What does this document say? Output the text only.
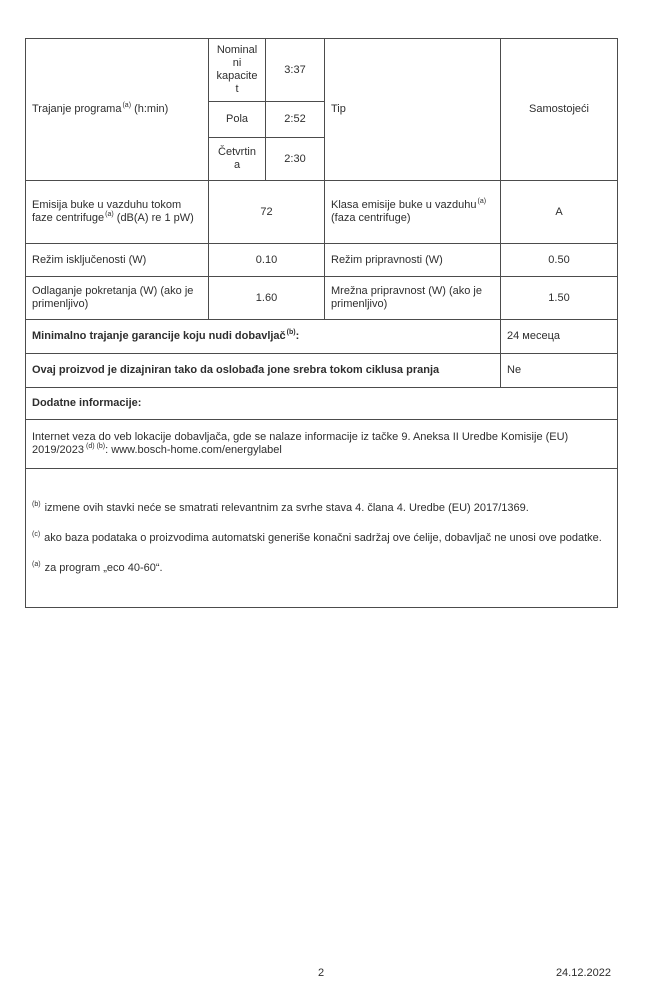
Trajanje programa$^{(a)}$ (h:min)	Nominalni kapacitet	3:37	Tip	Samostojeći
	Pola	2:52		
	Četvrtina	2:30		
Emisija buke u vazduhu tokom faze centrifuge$^{(a)}$ (dB(A) re 1 pW)	72		Klasa emisije buke u vazduhu$^{(a)}$ (faza centrifuge)	A
Režim isključenosti (W)	0.10		Režim pripravnosti (W)	0.50
Odlaganje pokretanja (W) (ako je primenljivo)	1.60		Mrežna pripravnost (W) (ako je primenljivo)	1.50
Minimalno trajanje garancije koju nudi dobavljač$^{(b)}$:				24 месеца
Ovaj proizvod je dizajniran tako da oslobađa jone srebra tokom ciklusa pranja				Ne
Dodatne informacije:				
Internet veza do veb lokacije dobavljača, gde se nalaze informacije iz tačke 9. Aneksa II Uredbe Komisije (EU) 2019/2023 $^{(d)}$ $^{(b)}$: www.bosch-home.com/energylabel				

$^{(b)}$ izmene ovih stavki neće se smatrati relevantnim za svrhe stava 4. člana 4. Uredbe (EU) 2017/1369.

$^{(c)}$ ako baza podataka o proizvodima automatski generiše konačni sadržaj ove ćelije, dobavljač ne unosi ove podatke.

$^{(a)}$ za program „eco 40-60“.				

2	24.12.2022
